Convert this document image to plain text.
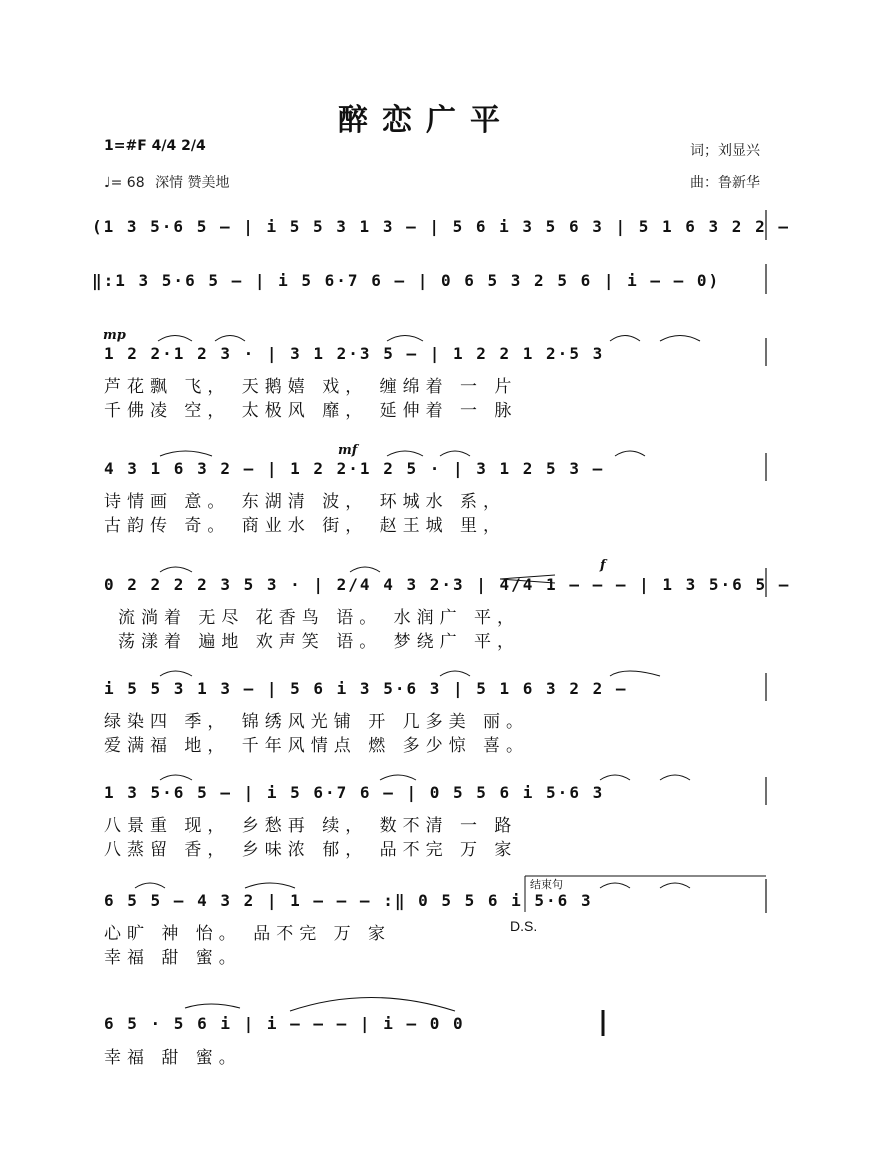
醉恋广平
1=#F 4/4 2/4
♩= 68 深情 赞美地
词；刘显兴
曲：鲁新华
(1 3 5·6 5 – | i 5 5 3 1 3 – | 5 6 i 3 5 6 3 | 5 1 6 3 2 2 –
‖:1 3 5·6 5 – | i 5 6·7 6 – | 0 6 5 3 2 5 6 | i – – 0)
mp
1 2 2·1 2 3 · | 3 1 2·3 5 – | 1 2 2 1 2·5 3
芦花飘 飞， 天鹅嬉 戏， 缠绵着 一 片
千佛凌 空， 太极风 靡， 延伸着 一 脉
mf
4 3 1 6 3 2 – | 1 2 2·1 2 5 · | 3 1 2 5 3 –
诗情画 意。 东湖清 波， 环城水 系，
古韵传 奇。 商业水 街， 赵王城 里，
f
0 2 2 2 2 3 5 3 · | 2/4 4 3 2·3 | 4/4 1 – – – | 1 3 5·6 5 –
流淌着 无尽 花香鸟 语。 水润广 平，
荡漾着 遍地 欢声笑 语。 梦绕广 平，
i 5 5 3 1 3 – | 5 6 i 3 5·6 3 | 5 1 6 3 2 2 –
绿染四 季， 锦绣风光铺 开 几多美 丽。
爱满福 地， 千年风情点 燃 多少惊 喜。
1 3 5·6 5 – | i 5 6·7 6 – | 0 5 5 6 i 5·6 3
八景重 现， 乡愁再 续， 数不清 一 路
八蒸留 香， 乡味浓 郁， 品不完 万 家
结束句
6 5 5 – 4 3 2 | 1 – – – :‖ 0 5 5 6 i 5·6 3
D.S.
心旷 神 怡。 品不完 万 家
幸福 甜 蜜。
6 5 · 5 6 i | i – – – | i – 0 0
幸福 甜 蜜。
